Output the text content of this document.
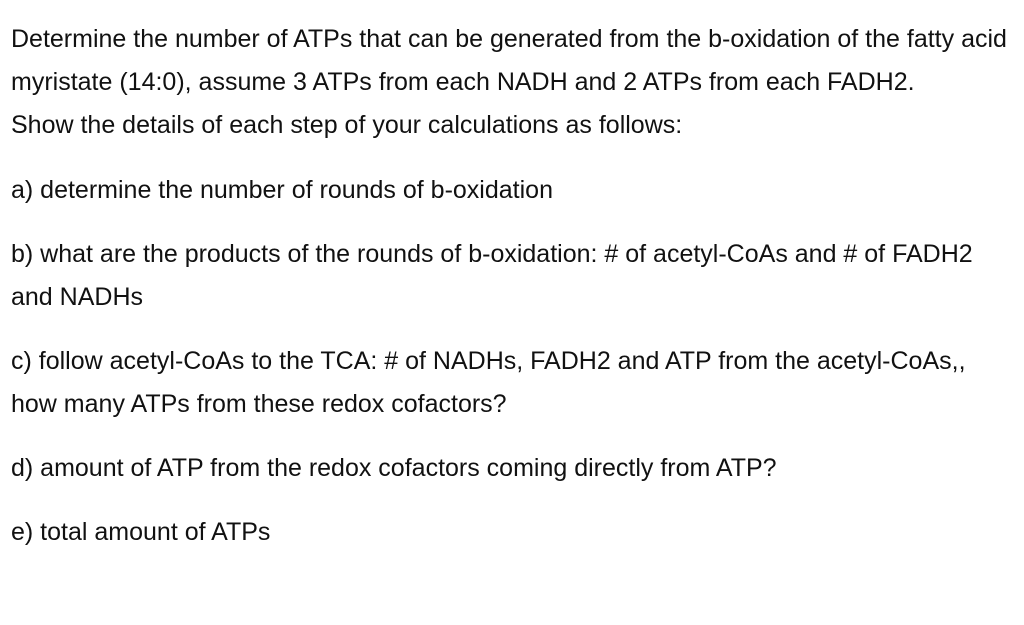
Determine the number of ATPs that can be generated from the b-oxidation of the fatty acid myristate (14:0), assume 3 ATPs from each NADH and 2 ATPs from each FADH2.Show the details of each step of your calculations as follows:

a) determine the number of rounds of b-oxidation

b) what are the products of the rounds of b-oxidation: # of acetyl-CoAs and # of FADH2 and NADHs

c) follow acetyl-CoAs to the TCA: # of NADHs, FADH2 and ATP from the acetyl-CoAs,, how many ATPs from these redox cofactors?

d) amount of ATP from the redox cofactors coming directly from ATP?

e) total amount of ATPs
